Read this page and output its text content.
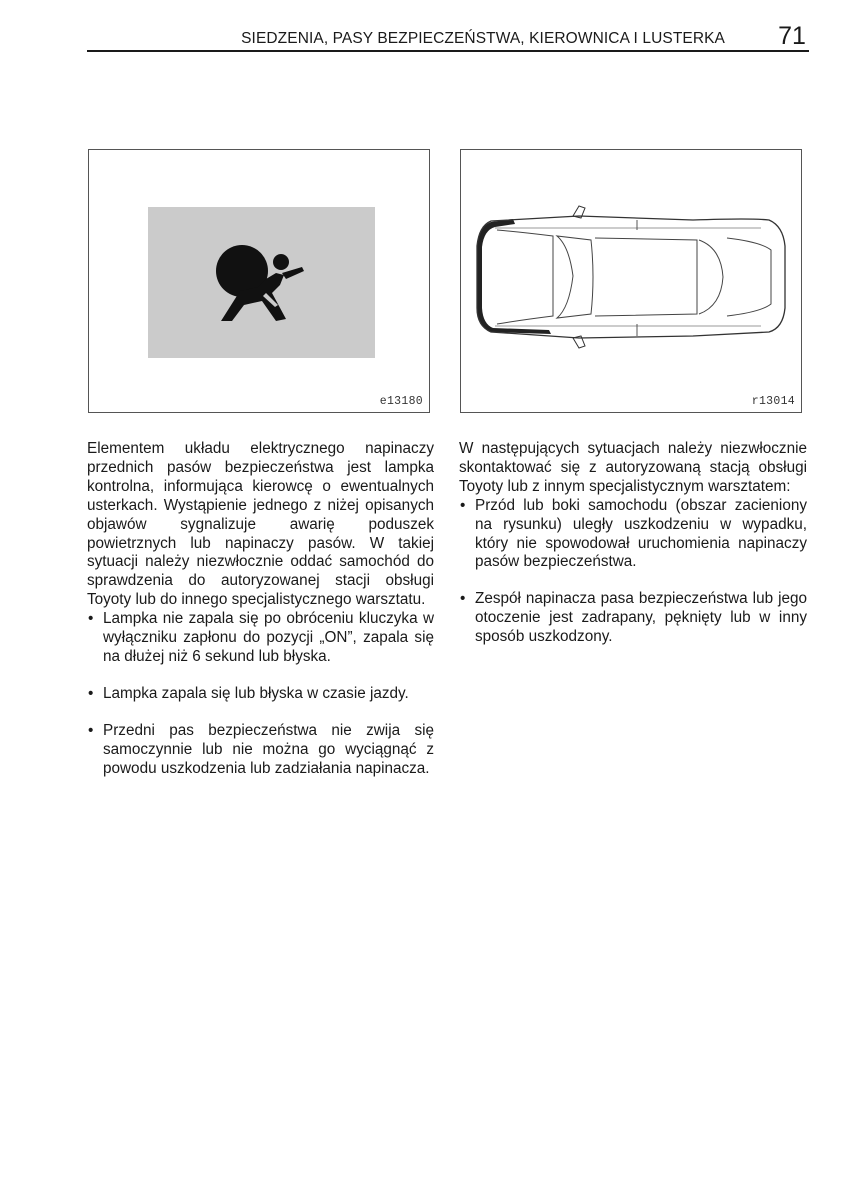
SIEDZENIA, PASY BEZPIECZEŃSTWA, KIEROWNICA I LUSTERKA 71
e13180	r13014

Elementem układu elektrycznego napinaczy przednich pasów bezpieczeństwa jest lampka kontrolna, informująca kierowcę o ewentualnych usterkach. Wystąpienie jednego z niżej opisanych objawów sygnalizuje awarię poduszek powietrznych lub napinaczy pasów. W takiej sytuacji należy niezwłocznie oddać samochód do sprawdzenia do autoryzowanej stacji obsługi Toyoty lub do innego specjalistycznego warsztatu.

• Lampka nie zapala się po obróceniu kluczyka w wyłączniku zapłonu do pozycji „ON”, zapala się na dłużej niż 6 sekund lub błyska.
• Lampka zapala się lub błyska w czasie jazdy.
• Przedni pas bezpieczeństwa nie zwija się samoczynnie lub nie można go wyciągnąć z powodu uszkodzenia lub zadziałania napinacza.

W następujących sytuacjach należy niezwłocznie skontaktować się z autoryzowaną stacją obsługi Toyoty lub z innym specjalistycznym warsztatem:

• Przód lub boki samochodu (obszar zacieniony na rysunku) uległy uszkodzeniu w wypadku, który nie spowodował uruchomienia napinaczy pasów bezpieczeństwa.
• Zespół napinacza pasa bezpieczeństwa lub jego otoczenie jest zadrapany, pęknięty lub w inny sposób uszkodzony.
